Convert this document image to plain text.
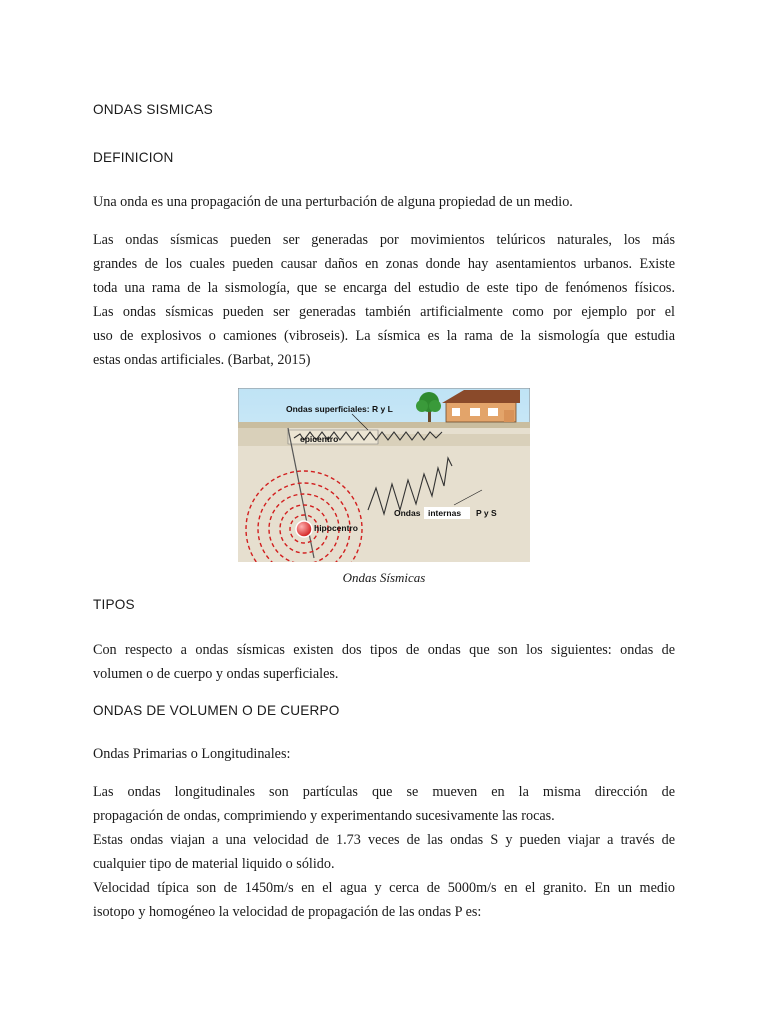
ONDAS SISMICAS
DEFINICION

Una onda es una propagación de una perturbación de alguna propiedad de un medio.

Las ondas sísmicas pueden ser generadas por movimientos telúricos naturales, los más
grandes de los cuales pueden causar daños en zonas donde hay asentamientos urbanos. Existe
toda una rama de la sismología, que se encarga del estudio de este tipo de fenómenos físicos.
Las ondas sísmicas pueden ser generadas también artificialmente como por ejemplo por el
uso de explosivos o camiones (vibroseis). La sísmica es la rama de la sismología que estudia
estas ondas artificiales. (Barbat, 2015)

Ondas superficiales: R y L
epicentro
hipocentro
Ondas internas P y S
Ondas Sísmicas
TIPOS

Con respecto a ondas sísmicas existen dos tipos de ondas que son los siguientes: ondas de
volumen o de cuerpo y ondas superficiales.

ONDAS DE VOLUMEN O DE CUERPO

Ondas Primarias o Longitudinales:

Las ondas longitudinales son partículas que se mueven en la misma dirección de
propagación de ondas, comprimiendo y experimentando sucesivamente las rocas.
Estas ondas viajan a una velocidad de 1.73 veces de las ondas S y pueden viajar a través de
cualquier tipo de material liquido o sólido.
Velocidad típica son de 1450m/s en el agua y cerca de 5000m/s en el granito. En un medio
isotopo y homogéneo la velocidad de propagación de las ondas P es:
